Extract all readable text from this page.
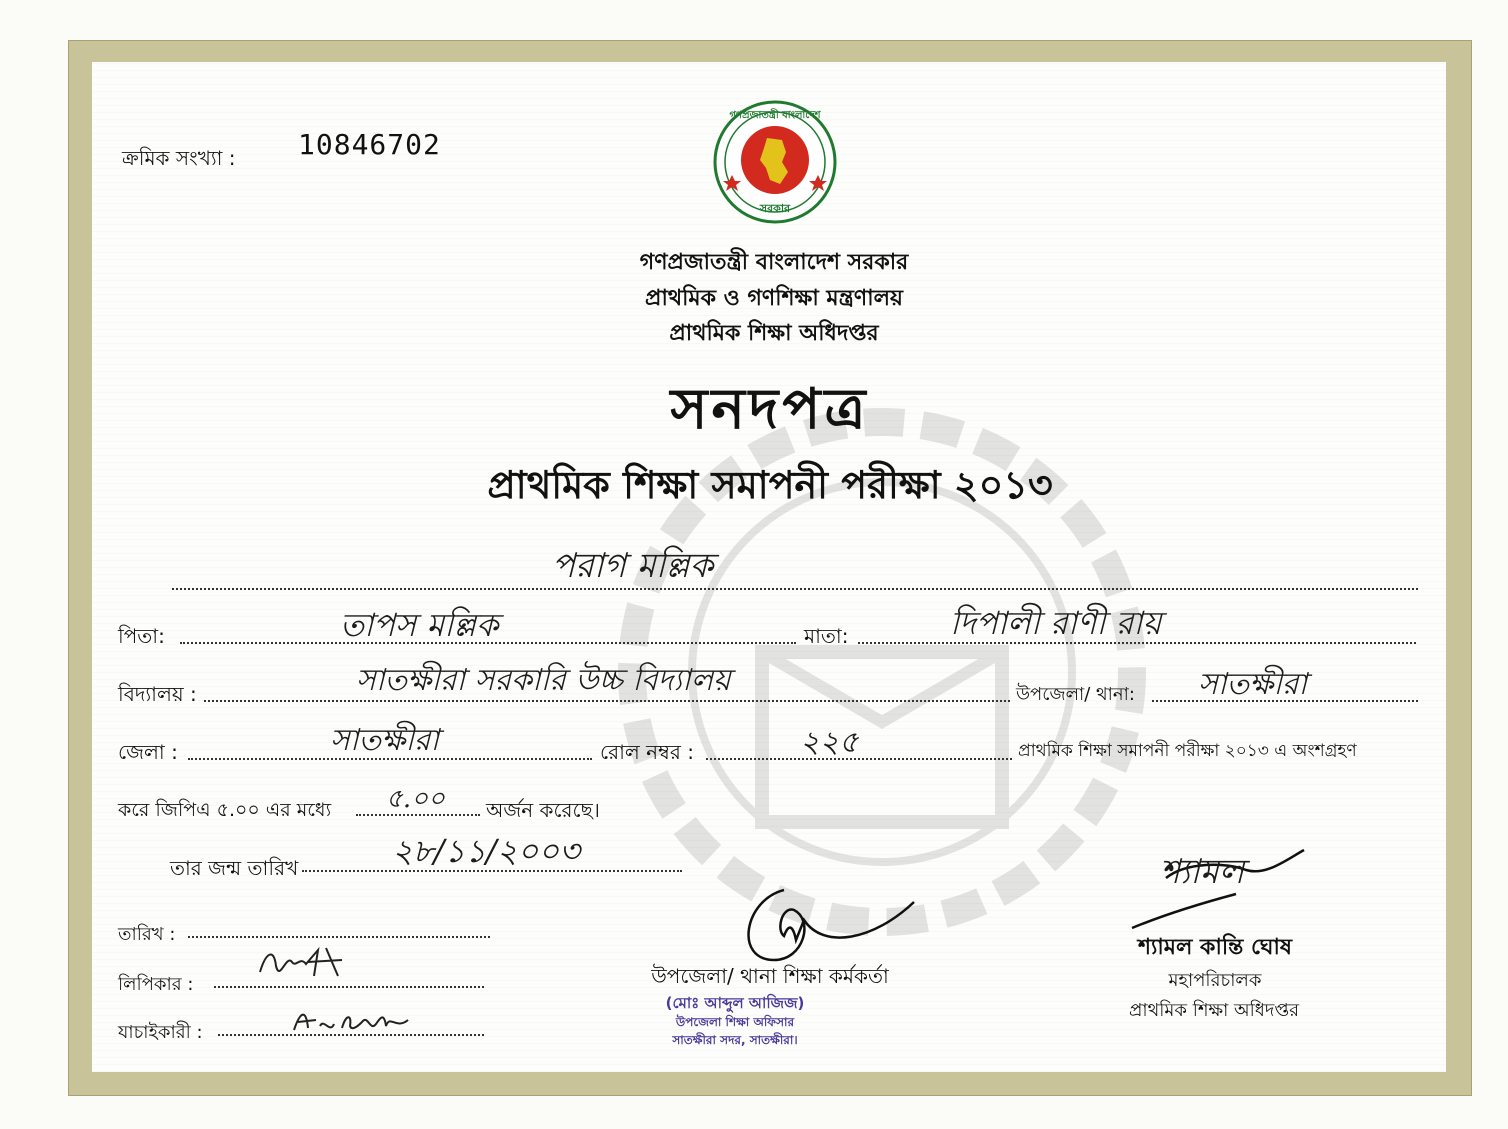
ক্রমিক সংখ্যা : 10846702
সরকার
গণপ্রজাতন্ত্রী বাংলাদেশ
গণপ্রজাতন্ত্রী বাংলাদেশ সরকার
প্রাথমিক ও গণশিক্ষা মন্ত্রণালয়
প্রাথমিক শিক্ষা অধিদপ্তর
সনদপত্র
প্রাথমিক শিক্ষা সমাপনী পরীক্ষা ২০১৩
পরাগ মল্লিক
পিতা:	তাপস মল্লিক	মাতা:	দিপালী রাণী রায়
বিদ্যালয় :	সাতক্ষীরা সরকারি উচ্চ বিদ্যালয়	উপজেলা/ থানা: সাতক্ষীরা
জেলা :	সাতক্ষীরা	রোল নম্বর :	২২৫	প্রাথমিক শিক্ষা সমাপনী পরীক্ষা ২০১৩ এ অংশগ্রহণ
করে জিপিএ ৫.০০ এর মধ্যে ৫.০০ অর্জন করেছে।
তার জন্ম তারিখ	২৮/১১/২০০৩
তারিখ :
লিপিকার :
যাচাইকারী :
উপজেলা/ থানা শিক্ষা কর্মকর্তা
(মোঃ আব্দুল আজিজ)
উপজেলা শিক্ষা অফিসার
সাতক্ষীরা সদর, সাতক্ষীরা।
শ্যামল
শ্যামল কান্তি ঘোষ
মহাপরিচালক
প্রাথমিক শিক্ষা অধিদপ্তর
